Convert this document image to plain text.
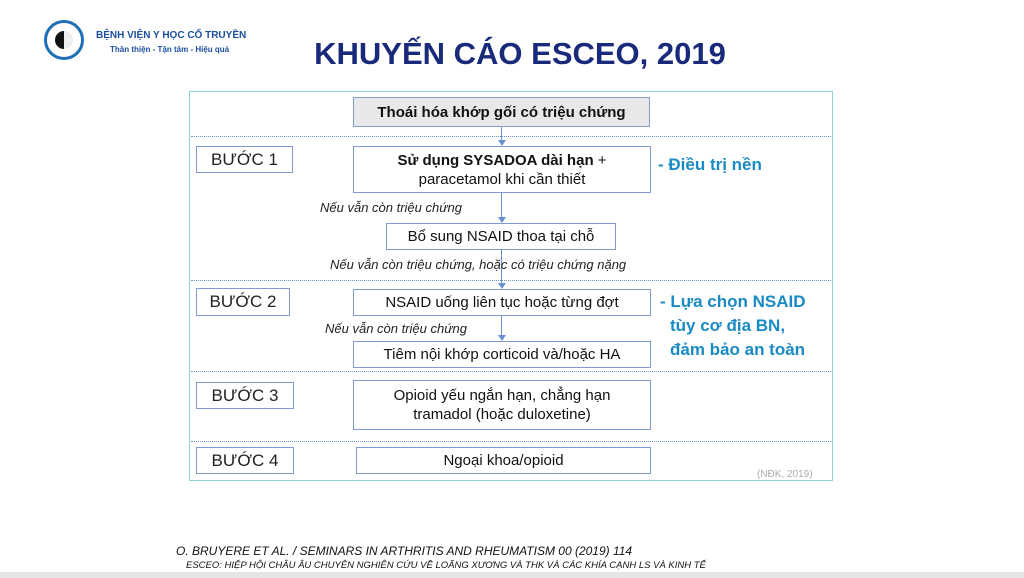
BỆNH VIỆN Y HỌC CỔ TRUYỀN
Thân thiện - Tận tâm - Hiệu quả	KHUYẾN CÁO ESCEO, 2019
Thoái hóa khớp gối có triệu chứng
BƯỚC 1	Sử dụng SYSADOA dài hạn +
paracetamol khi cần thiết
- Điều trị nền
Nếu vẫn còn triệu chứng
Bổ sung NSAID thoa tại chỗ
Nếu vẫn còn triệu chứng, hoặc có triệu chứng nặng
BƯỚC 2	NSAID uống liên tục hoặc từng đợt
Nếu vẫn còn triệu chứng
Tiêm nội khớp corticoid và/hoặc HA
- Lựa chọn NSAID
tùy cơ địa BN,
đảm bảo an toàn
BƯỚC 3	Opioid yếu ngắn hạn, chẳng hạn
tramadol (hoặc duloxetine)
BƯỚC 4	Ngoại khoa/opioid
(NĐK, 2019)
O. BRUYERE ET AL. / SEMINARS IN ARTHRITIS AND RHEUMATISM 00 (2019) 114
ESCEO: HIỆP HỘI CHÂU ÂU CHUYÊN NGHIÊN CỨU VỀ LOÃNG XƯƠNG VÀ THK VÀ CÁC KHÍA CẠNH LS VÀ KINH TẾ
